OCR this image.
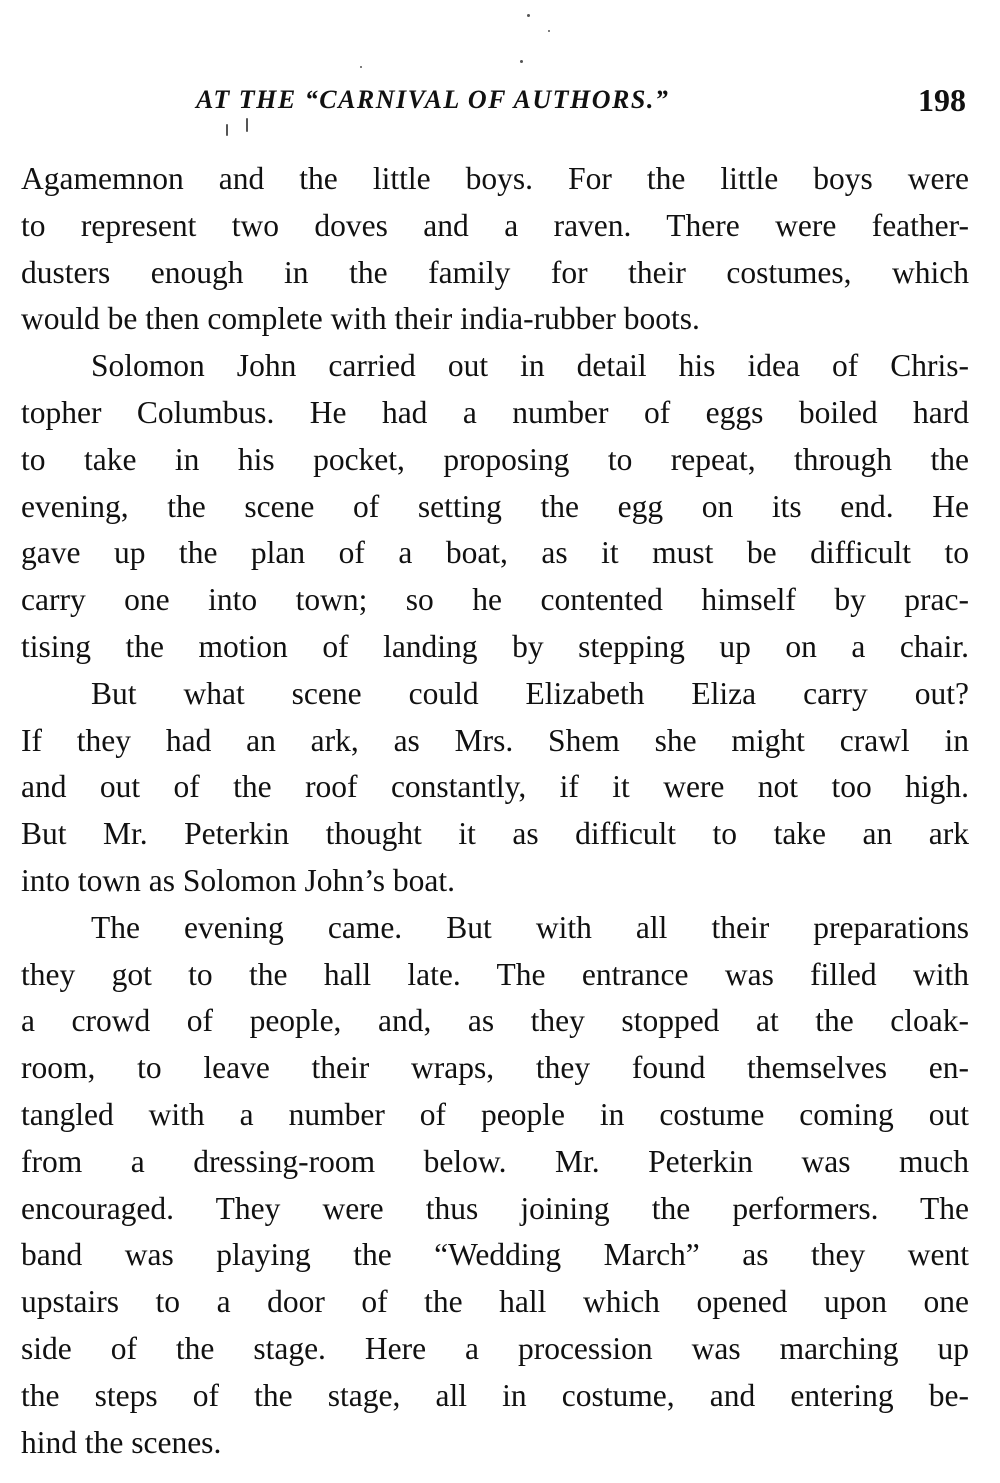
AT THE “CARNIVAL OF AUTHORS.”	198
Agamemnon and the little boys. For the little boys were
to represent two doves and a raven. There were feather-
dusters enough in the family for their costumes, which
would be then complete with their india-rubber boots.
Solomon John carried out in detail his idea of Chris-
topher Columbus. He had a number of eggs boiled hard
to take in his pocket, proposing to repeat, through the
evening, the scene of setting the egg on its end. He
gave up the plan of a boat, as it must be difficult to
carry one into town; so he contented himself by prac-
tising the motion of landing by stepping up on a chair.
But what scene could Elizabeth Eliza carry out?
If they had an ark, as Mrs. Shem she might crawl in
and out of the roof constantly, if it were not too high.
But Mr. Peterkin thought it as difficult to take an ark
into town as Solomon John’s boat.
The evening came. But with all their preparations
they got to the hall late. The entrance was filled with
a crowd of people, and, as they stopped at the cloak-
room, to leave their wraps, they found themselves en-
tangled with a number of people in costume coming out
from a dressing-room below. Mr. Peterkin was much
encouraged. They were thus joining the performers. The
band was playing the “Wedding March” as they went
upstairs to a door of the hall which opened upon one
side of the stage. Here a procession was marching up
the steps of the stage, all in costume, and entering be-
hind the scenes.
